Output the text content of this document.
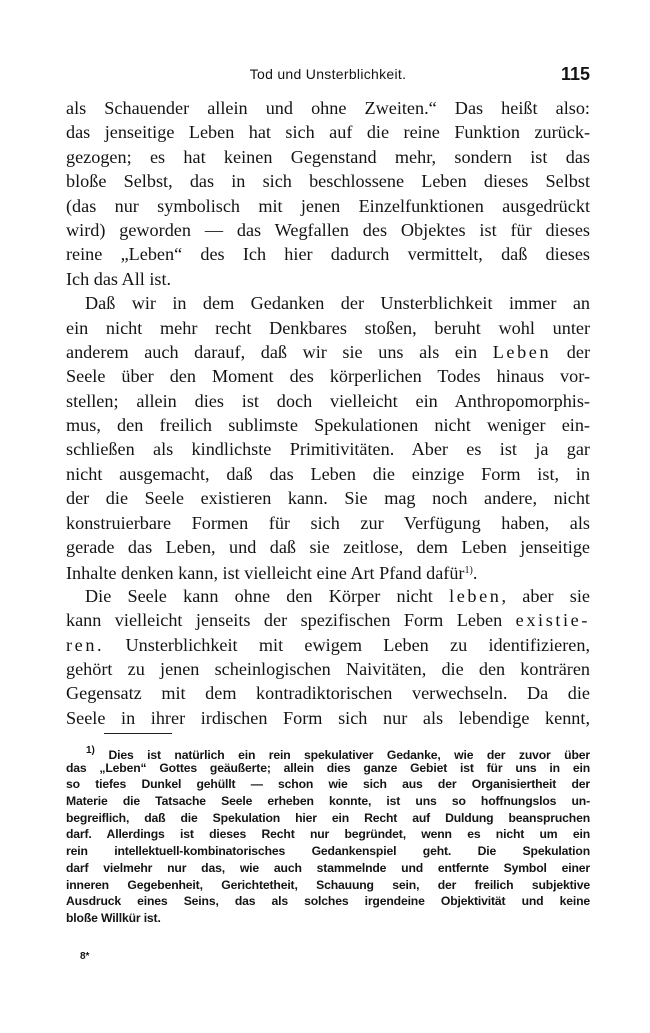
Tod und Unsterblichkeit.	115
als Schauender allein und ohne Zweiten.“ Das heißt also:
das jenseitige Leben hat sich auf die reine Funktion zurück-
gezogen; es hat keinen Gegenstand mehr, sondern ist das
bloße Selbst, das in sich beschlossene Leben dieses Selbst
(das nur symbolisch mit jenen Einzelfunktionen ausgedrückt
wird) geworden — das Wegfallen des Objektes ist für dieses
reine „Leben“ des Ich hier dadurch vermittelt, daß dieses
Ich das All ist.
Daß wir in dem Gedanken der Unsterblichkeit immer an
ein nicht mehr recht Denkbares stoßen, beruht wohl unter
anderem auch darauf, daß wir sie uns als ein Leben der
Seele über den Moment des körperlichen Todes hinaus vor-
stellen; allein dies ist doch vielleicht ein Anthropomorphis-
mus, den freilich sublimste Spekulationen nicht weniger ein-
schließen als kindlichste Primitivitäten. Aber es ist ja gar
nicht ausgemacht, daß das Leben die einzige Form ist, in
der die Seele existieren kann. Sie mag noch andere, nicht
konstruierbare Formen für sich zur Verfügung haben, als
gerade das Leben, und daß sie zeitlose, dem Leben jenseitige
Inhalte denken kann, ist vielleicht eine Art Pfand dafür$^{1)}$.
Die Seele kann ohne den Körper nicht leben, aber sie
kann vielleicht jenseits der spezifischen Form Leben existie-
ren. Unsterblichkeit mit ewigem Leben zu identifizieren,
gehört zu jenen scheinlogischen Naivitäten, die den konträren
Gegensatz mit dem kontradiktorischen verwechseln. Da die
Seele in ihrer irdischen Form sich nur als lebendige kennt,
$^{1)}$ Dies ist natürlich ein rein spekulativer Gedanke, wie der zuvor über
das „Leben“ Gottes geäußerte; allein dies ganze Gebiet ist für uns in ein
so tiefes Dunkel gehüllt — schon wie sich aus der Organisiertheit der
Materie die Tatsache Seele erheben konnte, ist uns so hoffnungslos un-
begreiflich, daß die Spekulation hier ein Recht auf Duldung beanspruchen
darf. Allerdings ist dieses Recht nur begründet, wenn es nicht um ein
rein intellektuell-kombinatorisches Gedankenspiel geht. Die Spekulation
darf vielmehr nur das, wie auch stammelnde und entfernte Symbol einer
inneren Gegebenheit, Gerichtetheit, Schauung sein, der freilich subjektive
Ausdruck eines Seins, das als solches irgendeine Objektivität und keine
bloße Willkür ist.
8*
